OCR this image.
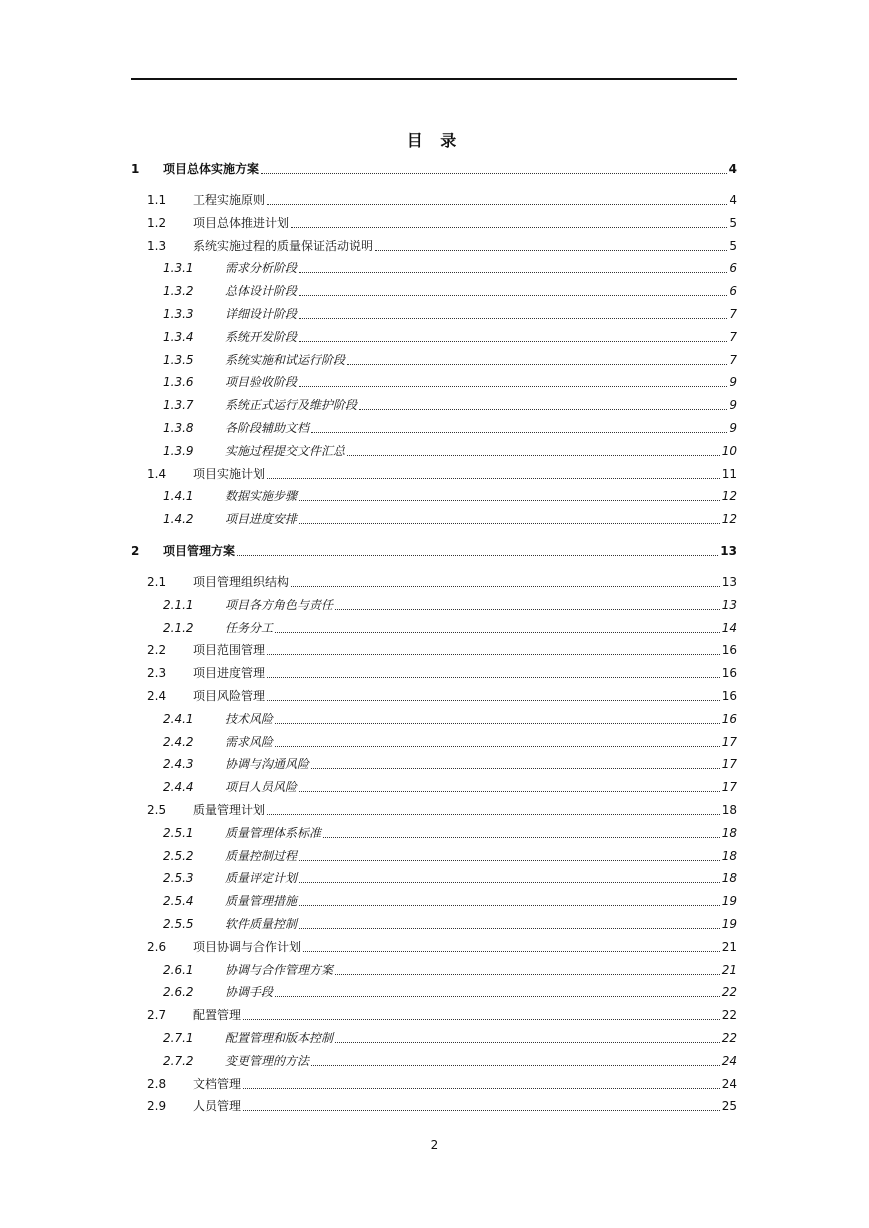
目 录
1	项目总体实施方案	4
1.1	工程实施原则	4
1.2	项目总体推进计划	5
1.3	系统实施过程的质量保证活动说明	5
1.3.1	需求分析阶段	6
1.3.2	总体设计阶段	6
1.3.3	详细设计阶段	7
1.3.4	系统开发阶段	7
1.3.5	系统实施和试运行阶段	7
1.3.6	项目验收阶段	9
1.3.7	系统正式运行及维护阶段	9
1.3.8	各阶段辅助文档	9
1.3.9	实施过程提交文件汇总	10
1.4	项目实施计划	11
1.4.1	数据实施步骤	12
1.4.2	项目进度安排	12
2	项目管理方案	13
2.1	项目管理组织结构	13
2.1.1	项目各方角色与责任	13
2.1.2	任务分工	14
2.2	项目范围管理	16
2.3	项目进度管理	16
2.4	项目风险管理	16
2.4.1	技术风险	16
2.4.2	需求风险	17
2.4.3	协调与沟通风险	17
2.4.4	项目人员风险	17
2.5	质量管理计划	18
2.5.1	质量管理体系标准	18
2.5.2	质量控制过程	18
2.5.3	质量评定计划	18
2.5.4	质量管理措施	19
2.5.5	软件质量控制	19
2.6	项目协调与合作计划	21
2.6.1	协调与合作管理方案	21
2.6.2	协调手段	22
2.7	配置管理	22
2.7.1	配置管理和版本控制	22
2.7.2	变更管理的方法	24
2.8	文档管理	24
2.9	人员管理	25
2
